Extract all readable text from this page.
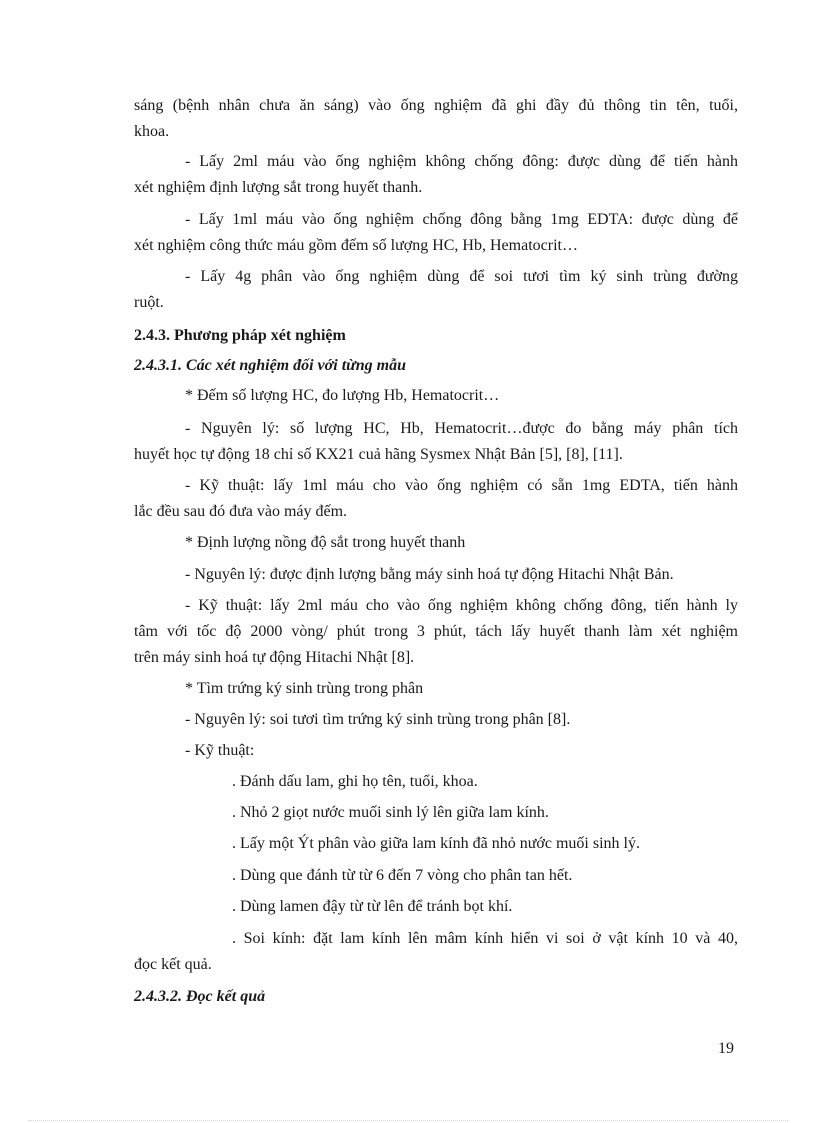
sáng (bệnh nhân chưa ăn sáng) vào ống nghiệm đã ghi đầy đủ thông tin tên, tuổi,
khoa.
- Lấy 2ml máu vào ống nghiệm không chống đông: được dùng để tiến hành
xét nghiệm định lượng sắt trong huyết thanh.
- Lấy 1ml máu vào ống nghiệm chống đông bằng 1mg EDTA: được dùng để
xét nghiệm công thức máu gồm đếm số lượng HC, Hb, Hematocrit…
- Lấy 4g phân vào ống nghiệm dùng để soi tươi tìm ký sinh trùng đường
ruột.
2.4.3. Phương pháp xét nghiệm
2.4.3.1. Các xét nghiệm đối với từng mẫu
* Đếm số lượng HC, đo lượng Hb, Hematocrit…
- Nguyên lý: số lượng HC, Hb, Hematocrit…được đo bằng máy phân tích
huyết học tự động 18 chỉ số KX21 cuả hãng Sysmex Nhật Bản [5], [8], [11].
- Kỹ thuật: lấy 1ml máu cho vào ống nghiệm có sẵn 1mg EDTA, tiến hành
lắc đều sau đó đưa vào máy đếm.
* Định lượng nồng độ sắt trong huyết thanh
- Nguyên lý: được định lượng bằng máy sinh hoá tự động Hitachi Nhật Bản.
- Kỹ thuật: lấy 2ml máu cho vào ống nghiệm không chống đông, tiến hành ly
tâm với tốc độ 2000 vòng/ phút trong 3 phút, tách lấy huyết thanh làm xét nghiệm
trên máy sinh hoá tự động Hitachi Nhật [8].
* Tìm trứng ký sinh trùng trong phân
- Nguyên lý: soi tươi tìm trứng ký sinh trùng trong phân [8].
- Kỹ thuật:
. Đánh dấu lam, ghi họ tên, tuổi, khoa.
. Nhỏ 2 giọt nước muối sinh lý lên giữa lam kính.
. Lấy một Ýt phân vào giữa lam kính đã nhỏ nước muối sinh lý.
. Dùng que đánh từ từ 6 đến 7 vòng cho phân tan hết.
. Dùng lamen đậy từ từ lên để tránh bọt khí.
. Soi kính: đặt lam kính lên mâm kính hiển vi soi ở vật kính 10 và 40,
đọc kết quả.
2.4.3.2. Đọc kết quả
19
